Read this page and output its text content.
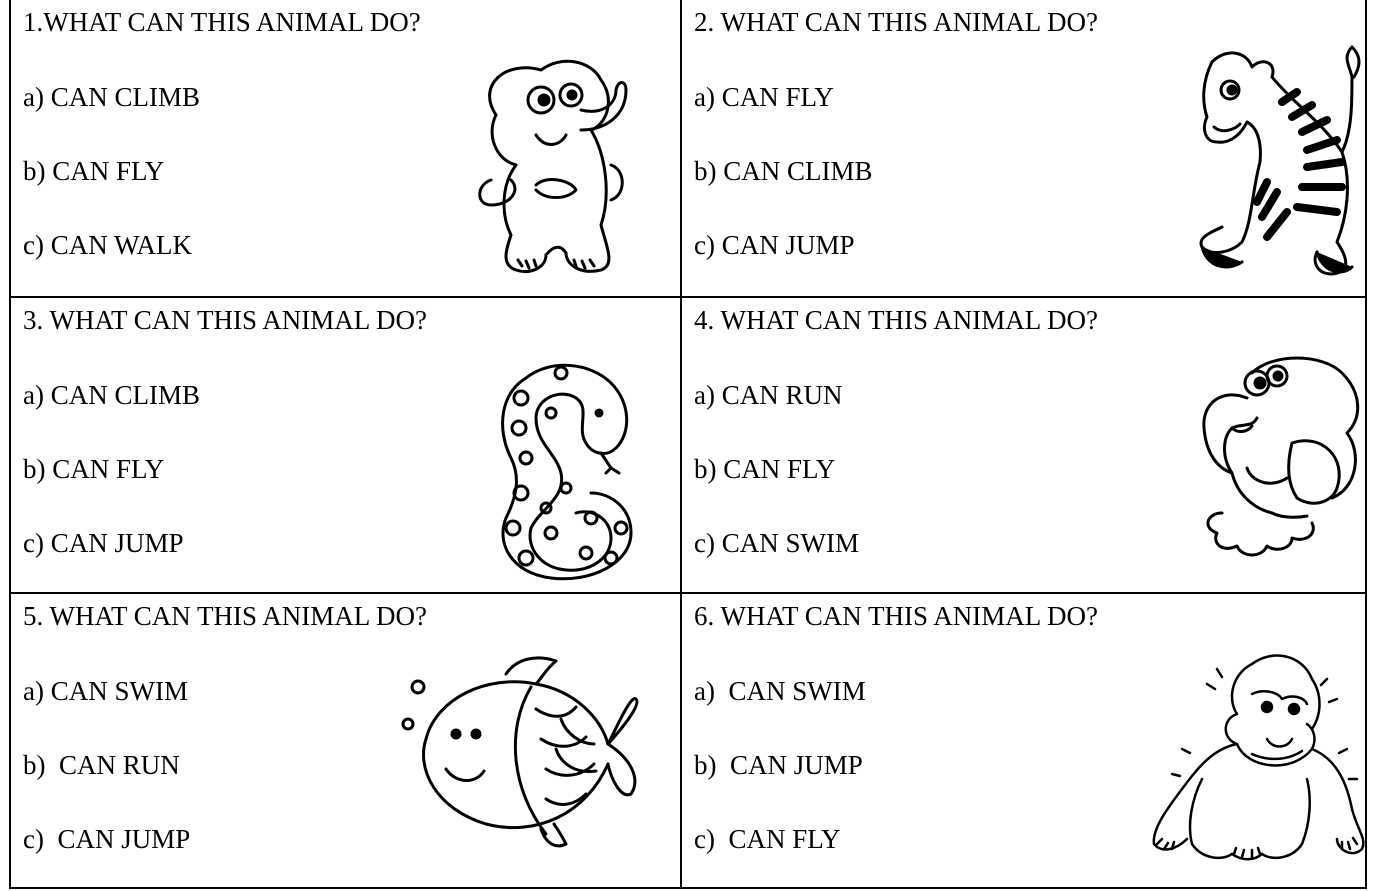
1.WHAT CAN THIS ANIMAL DO?
a) CAN CLIMB
b) CAN FLY
c) CAN WALK
2. WHAT CAN THIS ANIMAL DO?
a) CAN FLY
b) CAN CLIMB
c) CAN JUMP
3. WHAT CAN THIS ANIMAL DO?
a) CAN CLIMB
b) CAN FLY
c) CAN JUMP
4. WHAT CAN THIS ANIMAL DO?
a) CAN RUN
b) CAN FLY
c) CAN SWIM
5. WHAT CAN THIS ANIMAL DO?
a) CAN SWIM
b)  CAN RUN
c)  CAN JUMP
6. WHAT CAN THIS ANIMAL DO?
a)  CAN SWIM
b)  CAN JUMP
c)  CAN FLY
